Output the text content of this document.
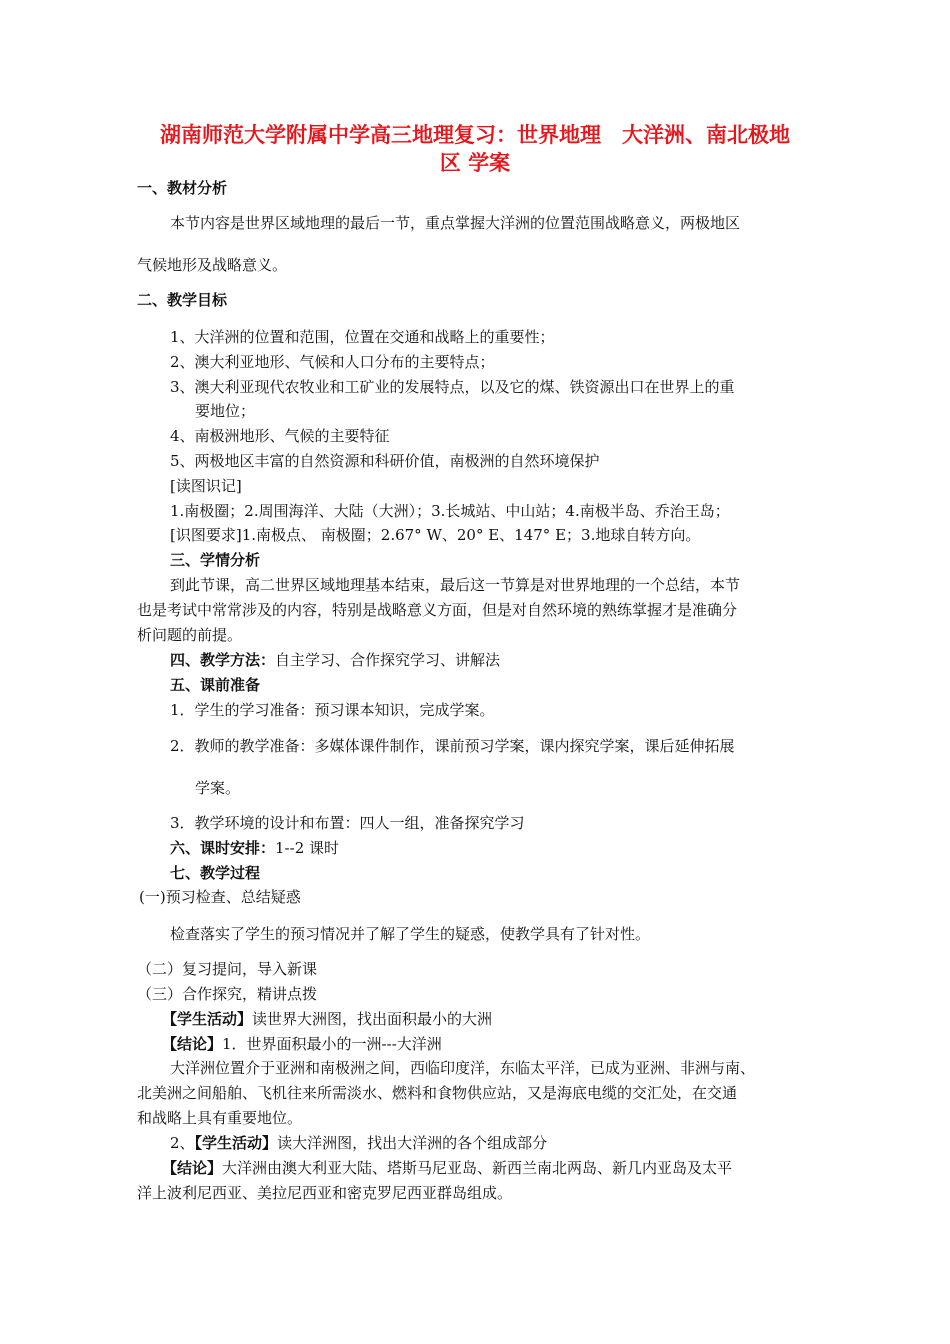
湖南师范大学附属中学高三地理复习：世界地理　大洋洲、南北极地
区 学案
一、教材分析
本节内容是世界区域地理的最后一节，重点掌握大洋洲的位置范围战略意义，两极地区
气候地形及战略意义。
二、教学目标
1、大洋洲的位置和范围，位置在交通和战略上的重要性；
2、澳大利亚地形、气候和人口分布的主要特点；
3、澳大利亚现代农牧业和工矿业的发展特点，以及它的煤、铁资源出口在世界上的重
要地位；
4、南极洲地形、气候的主要特征
5、两极地区丰富的自然资源和科研价值，南极洲的自然环境保护
[读图识记]
1.南极圈；2.周围海洋、大陆（大洲）；3.长城站、中山站；4.南极半岛、乔治王岛；
[识图要求]1.南极点、 南极圈；2.67° W、20° E、147° E；3.地球自转方向。
三、学情分析
到此节课，高二世界区域地理基本结束，最后这一节算是对世界地理的一个总结，本节
也是考试中常常涉及的内容，特别是战略意义方面，但是对自然环境的熟练掌握才是准确分
析问题的前提。
四、教学方法：自主学习、合作探究学习、讲解法
五、课前准备
1．学生的学习准备：预习课本知识，完成学案。
2．教师的教学准备：多媒体课件制作，课前预习学案，课内探究学案，课后延伸拓展
学案。
3．教学环境的设计和布置：四人一组，准备探究学习
六、课时安排：1--2 课时
七、教学过程
(一)预习检查、总结疑惑
检查落实了学生的预习情况并了解了学生的疑惑，使教学具有了针对性。
（二）复习提问，导入新课
（三）合作探究，精讲点拨
【学生活动】读世界大洲图，找出面积最小的大洲
【结论】1．世界面积最小的一洲---大洋洲
大洋洲位置介于亚洲和南极洲之间，西临印度洋，东临太平洋，已成为亚洲、非洲与南、
北美洲之间船舶、飞机往来所需淡水、燃料和食物供应站，又是海底电缆的交汇处，在交通
和战略上具有重要地位。
2、【学生活动】读大洋洲图，找出大洋洲的各个组成部分
【结论】大洋洲由澳大利亚大陆、塔斯马尼亚岛、新西兰南北两岛、新几内亚岛及太平
洋上波利尼西亚、美拉尼西亚和密克罗尼西亚群岛组成。
